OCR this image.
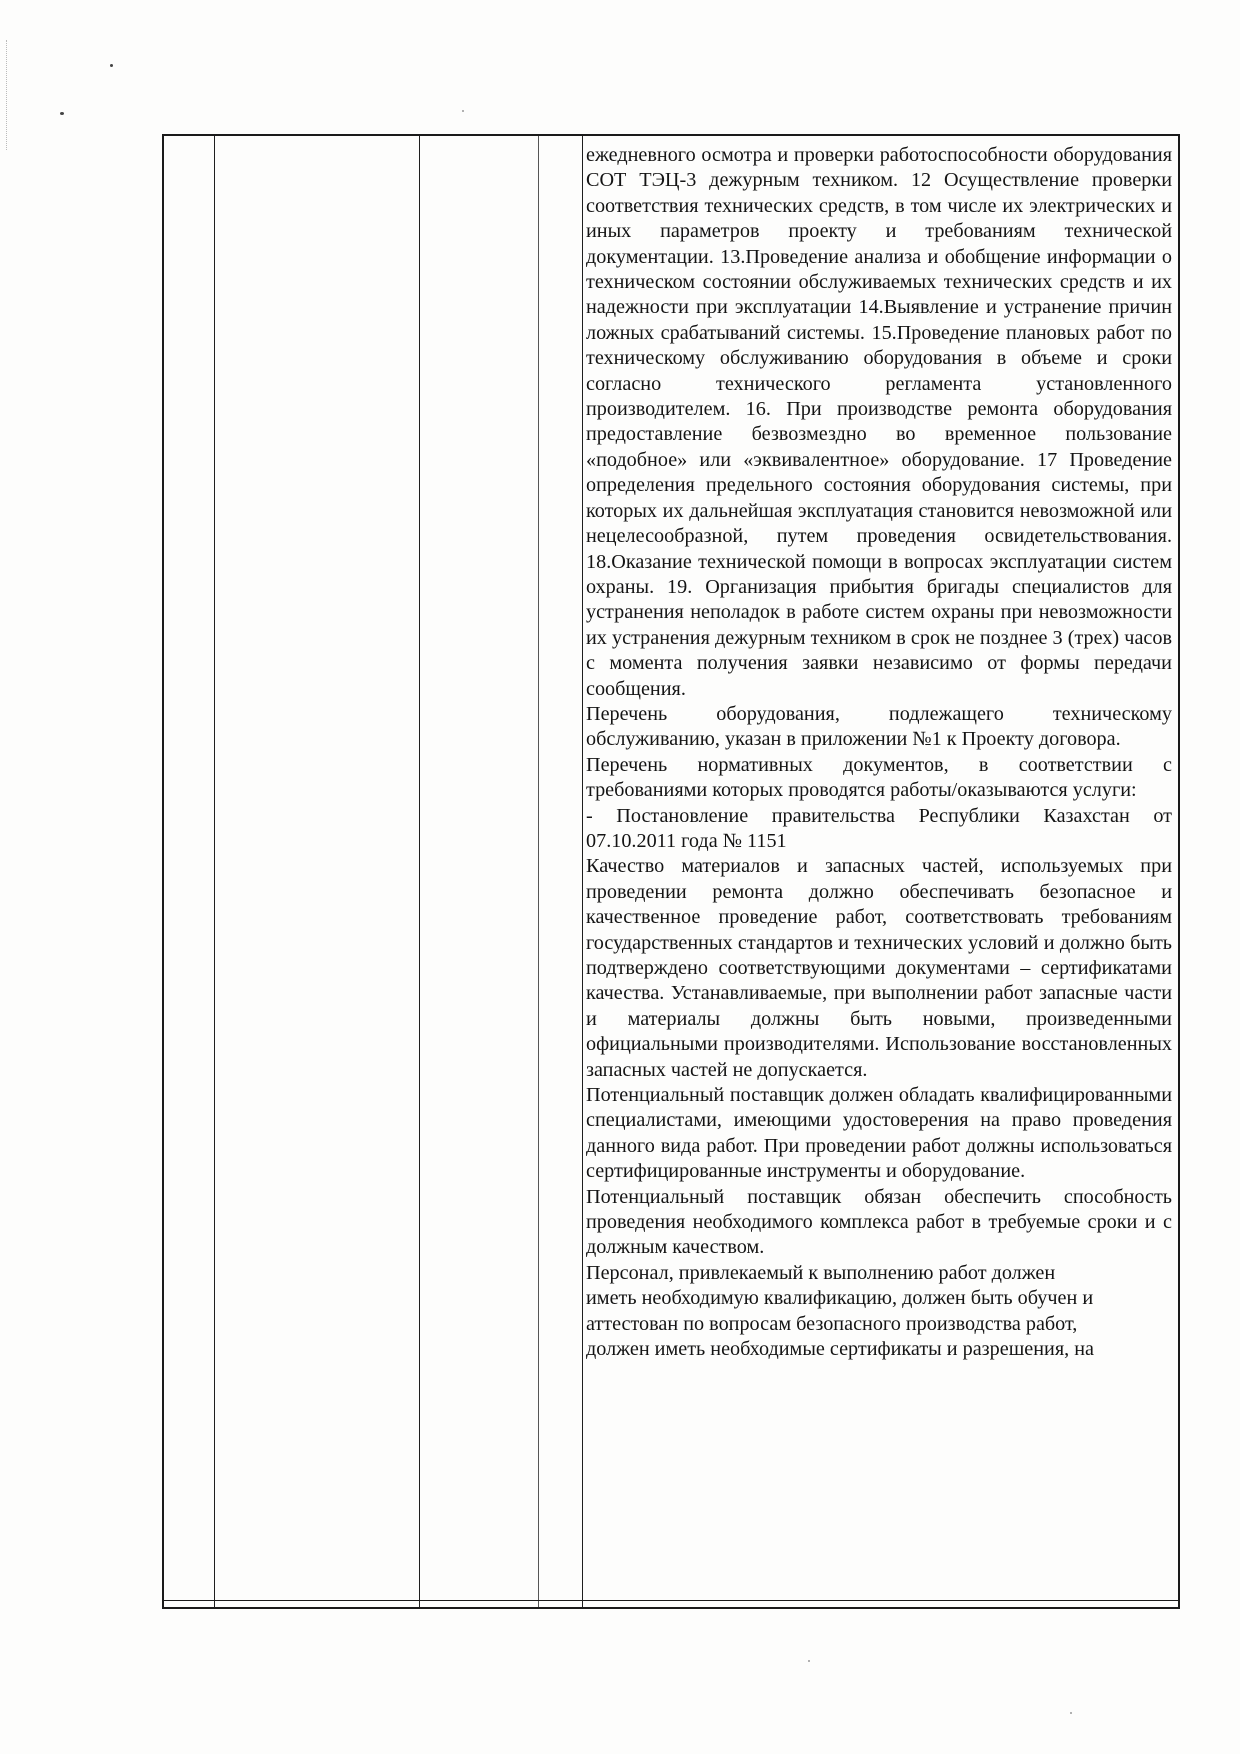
ежедневного осмотра и проверки работоспособности оборудования СОТ ТЭЦ-3 дежурным техником. 12 Осуществление проверки соответствия технических средств, в том числе их электрических и иных параметров проекту и требованиям технической документации. 13.Проведение анализа и обобщение информации о техническом состоянии обслуживаемых технических средств и их надежности при эксплуатации 14.Выявление и устранение причин ложных срабатываний системы. 15.Проведение плановых работ по техническому обслуживанию оборудования в объеме и сроки согласно технического регламента установленного производителем. 16. При производстве ремонта оборудования предоставление безвозмездно во временное пользование «подобное» или «эквивалентное» оборудование. 17 Проведение определения предельного состояния оборудования системы, при которых их дальнейшая эксплуатация становится невозможной или нецелесообразной, путем проведения освидетельствования. 18.Оказание технической помощи в вопросах эксплуатации систем охраны. 19. Организация прибытия бригады специалистов для устранения неполадок в работе систем охраны при невозможности их устранения дежурным техником в срок не позднее 3 (трех) часов с момента получения заявки независимо от формы передачи сообщения.

Перечень оборудования, подлежащего техническому обслуживанию, указан в приложении №1 к Проекту договора.

Перечень нормативных документов, в соответствии с требованиями которых проводятся работы/оказываются услуги:

- Постановление правительства Республики Казахстан от 07.10.2011 года № 1151

Качество материалов и запасных частей, используемых при проведении ремонта должно обеспечивать безопасное и качественное проведение работ, соответствовать требованиям государственных стандартов и технических условий и должно быть подтверждено соответствующими документами – сертификатами качества. Устанавливаемые, при выполнении работ запасные части и материалы должны быть новыми, произведенными официальными производителями. Использование восстановленных запасных частей не допускается.

Потенциальный поставщик должен обладать квалифицированными специалистами, имеющими удостоверения на право проведения данного вида работ. При проведении работ должны использоваться сертифицированные инструменты и оборудование.

Потенциальный поставщик обязан обеспечить способность проведения необходимого комплекса работ в требуемые сроки и с должным качеством.

Персонал, привлекаемый к выполнению работ должен
иметь необходимую квалификацию, должен быть обучен и
аттестован по вопросам безопасного производства работ,
должен иметь необходимые сертификаты и разрешения, на
